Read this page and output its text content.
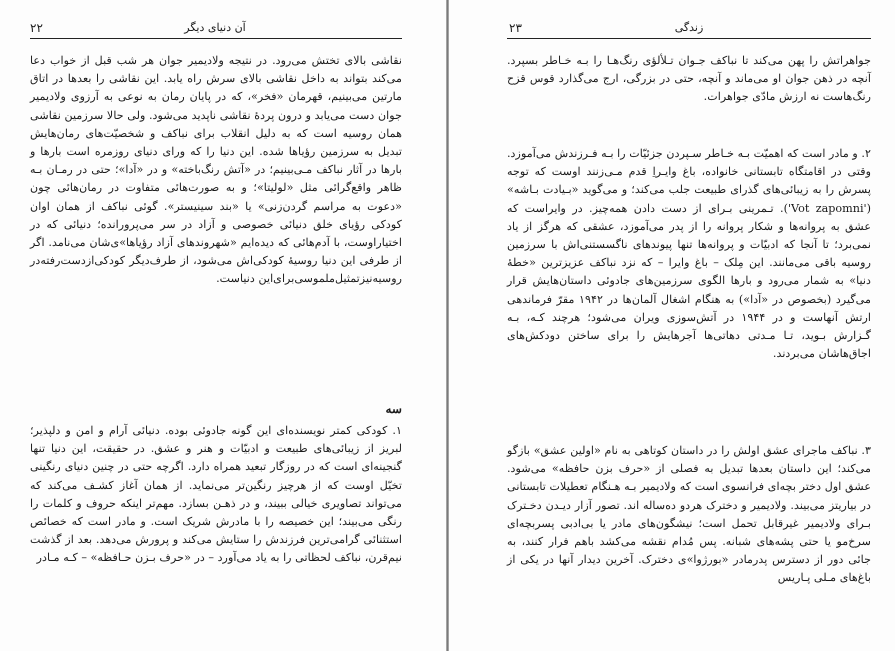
آن دنیای دیگر
۲۲

نقاشی بالای تختش می‌رود. در نتیجه ولادیمیر جوان هر شب قبل از خواب دعا می‌کند بتواند به داخل نقاشی بالای سرش راه یابد. این نقاشی را بعدها در اتاق مارتین می‌بینیم، قهرمان «فخر»، که در پایان رمان به نوعی به آرزوی ولادیمیر جوان دست می‌یابد و درون پردهٔ نقاشی ناپدید می‌شود. ولی حالا سرزمین نقاشی همان روسیه است که به دلیل انقلاب برای نباکف و شخصیّت‌های رمان‌هایش تبدیل به سرزمین رؤیاها شده. این دنیا را که ورای دنیای روزمره است بارها و بارها در آثار نباکف مـی‌بینیم؛ در «آتش رنگ‌باخته» و در «آدا»؛ حتی در رمـان بـه ظاهر واقع‌گرائی مثل «لولیتا»؛ و به صورت‌هائی متفاوت در رمان‌هائی چون «دعوت به مراسم گردن‌زنی» یا «بند سینیستر». گوئی نباکف از همان اوان کودکی رؤیای خلق دنیائی خصوصی و آزاد در سر می‌پرورانده؛ دنیائی که در اختیاراوست، با آدم‌هائی که دیده‌ایم «شهروندهای آزاد رؤیاها»ی‌شان می‌نامد. اگر از طرفی این دنیا روسیهٔ کودکی‌اش می‌شود، از طرف‌دیگر کودکی‌ازدست‌رفته‌در روسیه‌نیزتمثیل‌ملموسی‌برای‌این دنیاست.

سه

۱. کودکی کمتر نویسنده‌ای این گونه جادوئی بوده. دنیائی آرام و امن و دلپذیر؛ لبریز از زیبائی‌های طبیعت و ادبیّات و هنر و عشق. در حقیقت، این دنیا تنها گنجینه‌ای است که در روزگار تبعید همراه دارد. اگرچه حتی در چنین دنیای رنگینی تخیّل اوست که از هرچیز رنگین‌تر می‌نماید. از همان آغاز کشـف می‌کند که می‌تواند تصاویری خیالی ببیند، و در ذهـن بسازد. مهم‌تر اینکه حروف و کلمات را رنگی می‌بیند؛ این خصیصه را با مادرش شریک است. و مادر است که خصائص استثنائی گرامی‌ترین فرزندش را ستایش می‌کند و پرورش می‌دهد. بعد از گذشت نیم‌قرن، نباکف لحظاتی را به یاد می‌آورد – در «حرف بـزن حـافظه» – کـه مـادر

زندگی
۲۳

جواهراتش را پهن می‌کند تا نباکف جـوان تـلألؤی رنگ‌هـا را بـه خـاطر بسپرد. آنچه در ذهن جوان او می‌ماند و آنچه، حتی در بزرگی، ارج می‌گذارد قوس قزح رنگ‌هاست نه ارزش مادّی جواهرات.

۲. و مادر است که اهمیّت بـه خـاطر سـپردن جزئیّات را بـه فـرزندش می‌آموزد. وقتی در اقامتگاه تابستانی خانواده، باغ وایـراِ قدم مـی‌زنند اوست که توجه پسرش را به زیبائی‌های گذرای طبیعت جلب می‌کند؛ و می‌گوید «بـیادت بـاشه» ('Vot zapomni'). تـمرینی بـرای از دست دادن همه‌چیز. در وایراست که عشق به پروانه‌ها و شکار پروانه را از پدر می‌آموزد، عشقی که هرگز از یاد نمی‌برد؛ تا آنجا که ادبیّات و پروانه‌ها تنها پیوندهای ناگسستنی‌اش با سرزمین روسیه باقی می‌مانند. این مِلک – باغ وایرا – که نزد نباکف عزیزترین «خطهٔ دنیا» به شمار می‌رود و بارها الگوی سرزمین‌های جادوئی داستان‌هایش قرار می‌گیرد (بخصوص در «آدا») به هنگام اشغال آلمان‌ها در ۱۹۴۲ مقرّ فرماندهی ارتش آنهاست و در ۱۹۴۴ در آتش‌سوزی ویران می‌شود؛ هرچند کـه، بـه گـزارش بـوید، تـا مـدتی دهاتی‌ها آجرهایش را برای ساختن دودکش‌های اجاق‌هاشان می‌بردند.

۳. نباکف ماجرای عشق اولش را در داستان کوتاهی به نام «اولین عشق» بازگو می‌کند؛ این داستان بعدها تبدیل به فصلی از «حرف بزن حافظه» می‌شود. عشق اول دختر بچه‌ای فرانسوی است که ولادیمیر بـه هـنگام تعطیلات تابستانی در بیاریتز می‌بیند. ولادیمیر و دخترک هردو ده‌ساله اند. تصور آزار دیـدن دخـترک بـرای ولادیمیر غیرقابل تحمل است؛ نیشگون‌های مادر یا بی‌ادبی پسربچه‌ای سرخ‌مو یا حتی پشه‌های شبانه. پس مُدام نقشه می‌کشد باهم فرار کنند، به جائی دور از دسترس پدرمادر «بورژوا»ی دخترک. آخرین دیدار آنها در یکی از باغ‌های مـلی پـاریس
